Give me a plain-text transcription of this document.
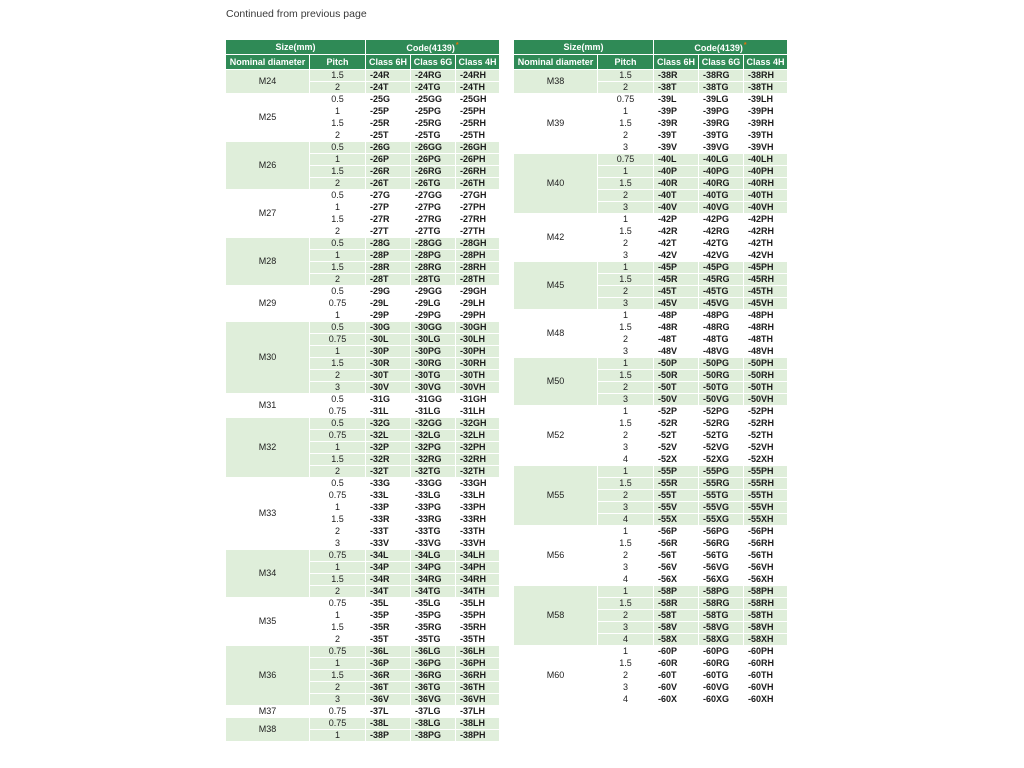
Continued from previous page
Size(mm)		Code(4139)*
Nominal diameter	Pitch	Class 6H	Class 6G	Class 4H
M24	1.5	-24R	-24RG	-24RH
	2	-24T	-24TG	-24TH
M25	0.5	-25G	-25GG	-25GH
	1	-25P	-25PG	-25PH
	1.5	-25R	-25RG	-25RH
	2	-25T	-25TG	-25TH
M26	0.5	-26G	-26GG	-26GH
	1	-26P	-26PG	-26PH
	1.5	-26R	-26RG	-26RH
	2	-26T	-26TG	-26TH
M27	0.5	-27G	-27GG	-27GH
	1	-27P	-27PG	-27PH
	1.5	-27R	-27RG	-27RH
	2	-27T	-27TG	-27TH
M28	0.5	-28G	-28GG	-28GH
	1	-28P	-28PG	-28PH
	1.5	-28R	-28RG	-28RH
	2	-28T	-28TG	-28TH
M29	0.5	-29G	-29GG	-29GH
	0.75	-29L	-29LG	-29LH
	1	-29P	-29PG	-29PH
M30	0.5	-30G	-30GG	-30GH
	0.75	-30L	-30LG	-30LH
	1	-30P	-30PG	-30PH
	1.5	-30R	-30RG	-30RH
	2	-30T	-30TG	-30TH
	3	-30V	-30VG	-30VH
M31	0.5	-31G	-31GG	-31GH
	0.75	-31L	-31LG	-31LH
M32	0.5	-32G	-32GG	-32GH
	0.75	-32L	-32LG	-32LH
	1	-32P	-32PG	-32PH
	1.5	-32R	-32RG	-32RH
	2	-32T	-32TG	-32TH
M33	0.5	-33G	-33GG	-33GH
	0.75	-33L	-33LG	-33LH
	1	-33P	-33PG	-33PH
	1.5	-33R	-33RG	-33RH
	2	-33T	-33TG	-33TH
	3	-33V	-33VG	-33VH
M34	0.75	-34L	-34LG	-34LH
	1	-34P	-34PG	-34PH
	1.5	-34R	-34RG	-34RH
	2	-34T	-34TG	-34TH
M35	0.75	-35L	-35LG	-35LH
	1	-35P	-35PG	-35PH
	1.5	-35R	-35RG	-35RH
	2	-35T	-35TG	-35TH
M36	0.75	-36L	-36LG	-36LH
	1	-36P	-36PG	-36PH
	1.5	-36R	-36RG	-36RH
	2	-36T	-36TG	-36TH
	3	-36V	-36VG	-36VH
M37	0.75	-37L	-37LG	-37LH
M38	0.75	-38L	-38LG	-38LH
	1	-38P	-38PG	-38PH
Size(mm)		Code(4139)*
Nominal diameter	Pitch	Class 6H	Class 6G	Class 4H
M38	1.5	-38R	-38RG	-38RH
	2	-38T	-38TG	-38TH
M39	0.75	-39L	-39LG	-39LH
	1	-39P	-39PG	-39PH
	1.5	-39R	-39RG	-39RH
	2	-39T	-39TG	-39TH
	3	-39V	-39VG	-39VH
M40	0.75	-40L	-40LG	-40LH
	1	-40P	-40PG	-40PH
	1.5	-40R	-40RG	-40RH
	2	-40T	-40TG	-40TH
	3	-40V	-40VG	-40VH
M42	1	-42P	-42PG	-42PH
	1.5	-42R	-42RG	-42RH
	2	-42T	-42TG	-42TH
	3	-42V	-42VG	-42VH
M45	1	-45P	-45PG	-45PH
	1.5	-45R	-45RG	-45RH
	2	-45T	-45TG	-45TH
	3	-45V	-45VG	-45VH
M48	1	-48P	-48PG	-48PH
	1.5	-48R	-48RG	-48RH
	2	-48T	-48TG	-48TH
	3	-48V	-48VG	-48VH
M50	1	-50P	-50PG	-50PH
	1.5	-50R	-50RG	-50RH
	2	-50T	-50TG	-50TH
	3	-50V	-50VG	-50VH
M52	1	-52P	-52PG	-52PH
	1.5	-52R	-52RG	-52RH
	2	-52T	-52TG	-52TH
	3	-52V	-52VG	-52VH
	4	-52X	-52XG	-52XH
M55	1	-55P	-55PG	-55PH
	1.5	-55R	-55RG	-55RH
	2	-55T	-55TG	-55TH
	3	-55V	-55VG	-55VH
	4	-55X	-55XG	-55XH
M56	1	-56P	-56PG	-56PH
	1.5	-56R	-56RG	-56RH
	2	-56T	-56TG	-56TH
	3	-56V	-56VG	-56VH
	4	-56X	-56XG	-56XH
M58	1	-58P	-58PG	-58PH
	1.5	-58R	-58RG	-58RH
	2	-58T	-58TG	-58TH
	3	-58V	-58VG	-58VH
	4	-58X	-58XG	-58XH
M60	1	-60P	-60PG	-60PH
	1.5	-60R	-60RG	-60RH
	2	-60T	-60TG	-60TH
	3	-60V	-60VG	-60VH
	4	-60X	-60XG	-60XH
